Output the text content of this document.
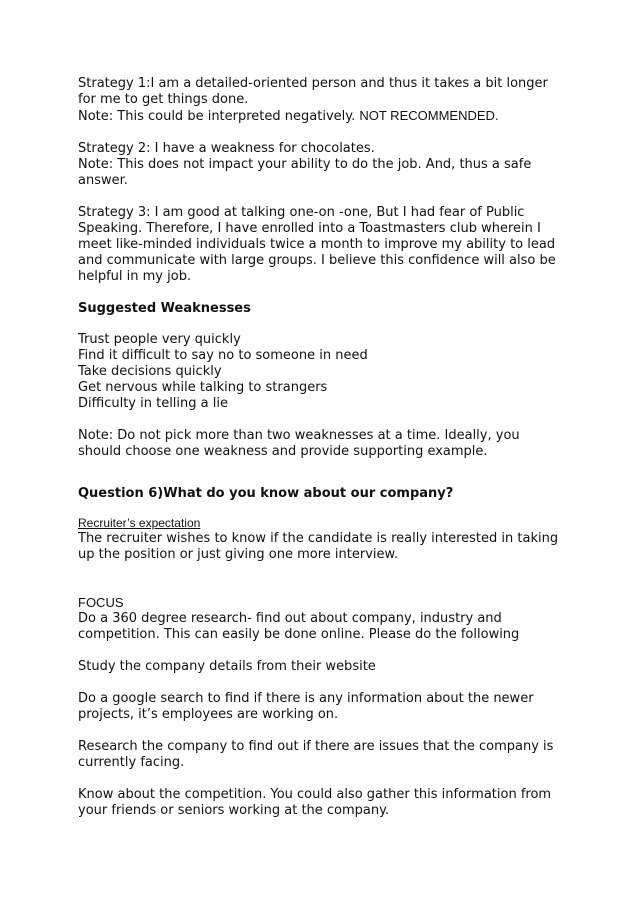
Strategy 1:I am a detailed-oriented person and thus it takes a bit longer
for me to get things done.
Note: This could be interpreted negatively. NOT RECOMMENDED.

Strategy 2: I have a weakness for chocolates.
Note: This does not impact your ability to do the job. And, thus a safe
answer.

Strategy 3: I am good at talking one-on -one, But I had fear of Public
Speaking. Therefore, I have enrolled into a Toastmasters club wherein I
meet like-minded individuals twice a month to improve my ability to lead
and communicate with large groups. I believe this confidence will also be
helpful in my job.

Suggested Weaknesses

Trust people very quickly
Find it difficult to say no to someone in need
Take decisions quickly
Get nervous while talking to strangers
Difficulty in telling a lie

Note: Do not pick more than two weaknesses at a time. Ideally, you
should choose one weakness and provide supporting example.

Question 6)What do you know about our company?

Recruiter’s expectation
The recruiter wishes to know if the candidate is really interested in taking
up the position or just giving one more interview.

FOCUS
Do a 360 degree research- find out about company, industry and
competition. This can easily be done online. Please do the following

Study the company details from their website

Do a google search to find if there is any information about the newer
projects, it’s employees are working on.

Research the company to find out if there are issues that the company is
currently facing.

Know about the competition. You could also gather this information from
your friends or seniors working at the company.
